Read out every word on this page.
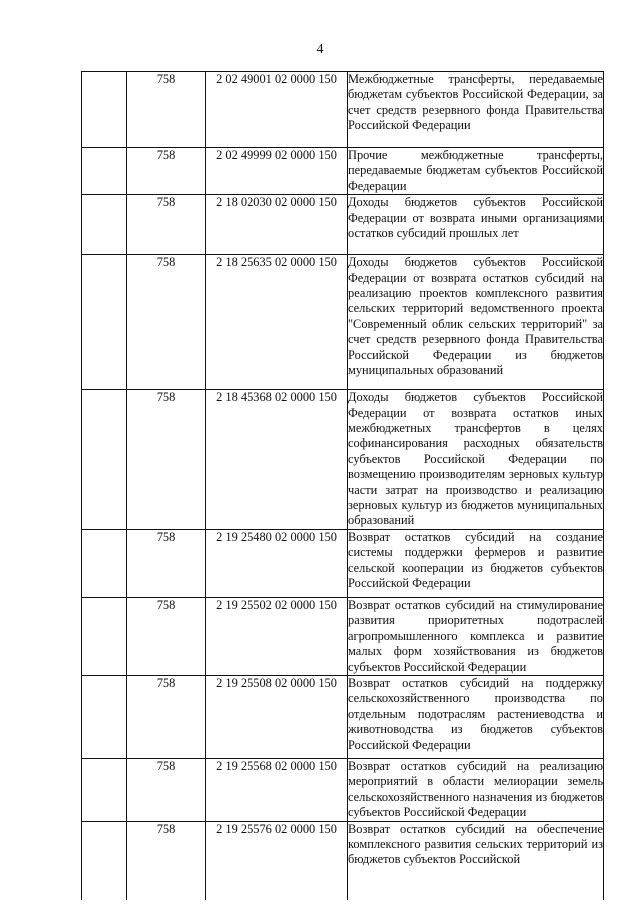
4
	758	2 02 49001 02 0000 150	Межбюджетные трансферты, передаваемые бюджетам субъектов Российской Федерации, за счет средств резервного фонда Правительства Российской Федерации
	758	2 02 49999 02 0000 150	Прочие межбюджетные трансферты, передаваемые бюджетам субъектов Российской Федерации
	758	2 18 02030 02 0000 150	Доходы бюджетов субъектов Российской Федерации от возврата иными организациями остатков субсидий прошлых лет
	758	2 18 25635 02 0000 150	Доходы бюджетов субъектов Российской Федерации от возврата остатков субсидий на реализацию проектов комплексного развития сельских территорий ведомственного проекта "Современный облик сельских территорий" за счет средств резервного фонда Правительства Российской Федерации из бюджетов муниципальных образований
	758	2 18 45368 02 0000 150	Доходы бюджетов субъектов Российской Федерации от возврата остатков иных межбюджетных трансфертов в целях софинансирования расходных обязательств субъектов Российской Федерации по возмещению производителям зерновых культур части затрат на производство и реализацию зерновых культур из бюджетов муниципальных образований
	758	2 19 25480 02 0000 150	Возврат остатков субсидий на создание системы поддержки фермеров и развитие сельской кооперации из бюджетов субъектов Российской Федерации
	758	2 19 25502 02 0000 150	Возврат остатков субсидий на стимулирование развития приоритетных подотраслей агропромышленного комплекса и развитие малых форм хозяйствования из бюджетов субъектов Российской Федерации
	758	2 19 25508 02 0000 150	Возврат остатков субсидий на поддержку сельскохозяйственного производства по отдельным подотраслям растениеводства и животноводства из бюджетов субъектов Российской Федерации
	758	2 19 25568 02 0000 150	Возврат остатков субсидий на реализацию мероприятий в области мелиорации земель сельскохозяйственного назначения из бюджетов субъектов Российской Федерации
	758	2 19 25576 02 0000 150	Возврат остатков субсидий на обеспечение комплексного развития сельских территорий из бюджетов субъектов Российской
